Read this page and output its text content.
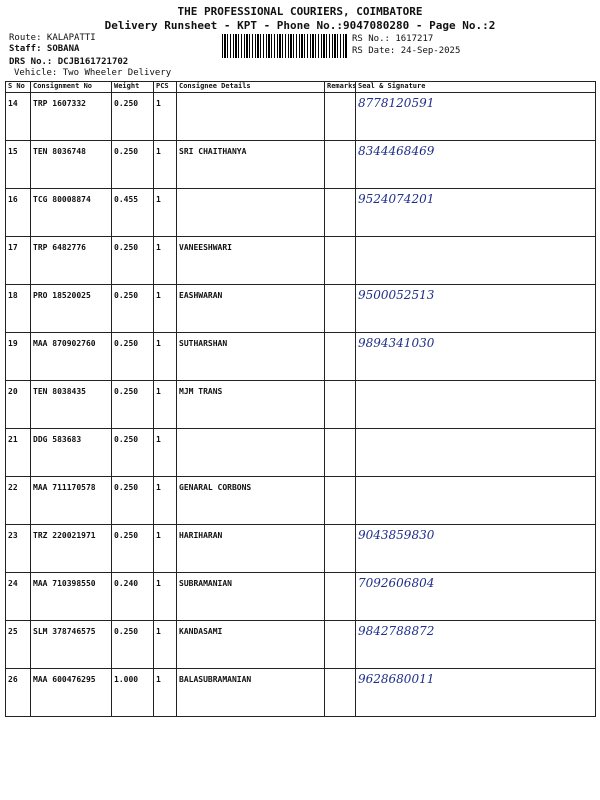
THE PROFESSIONAL COURIERS, COIMBATORE
Delivery Runsheet - KPT - Phone No.:9047080280 - Page No.:2
Route: KALAPATTI
Staff: SOBANA
DRS No.: DCJB161721702
Vehicle: Two Wheeler Delivery
RS No.: 1617217
RS Date: 24-Sep-2025
S No	Consignment No	Weight	PCS	Consignee Details	Remarks	Seal & Signature
14	TRP 1607332	0.250	1			8778120591
15	TEN 8036748	0.250	1	SRI CHAITHANYA		8344468469
16	TCG 80008874	0.455	1			9524074201
17	TRP 6482776	0.250	1	VANEESHWARI		
18	PRO 18520025	0.250	1	EASHWARAN		9500052513
19	MAA 870902760	0.250	1	SUTHARSHAN		9894341030
20	TEN 8038435	0.250	1	MJM TRANS		
21	DDG 583683	0.250	1			
22	MAA 711170578	0.250	1	GENARAL CORBONS		
23	TRZ 220021971	0.250	1	HARIHARAN		9043859830
24	MAA 710398550	0.240	1	SUBRAMANIAN		7092606804
25	SLM 378746575	0.250	1	KANDASAMI		9842788872
26	MAA 600476295	1.000	1	BALASUBRAMANIAN		9628680011
